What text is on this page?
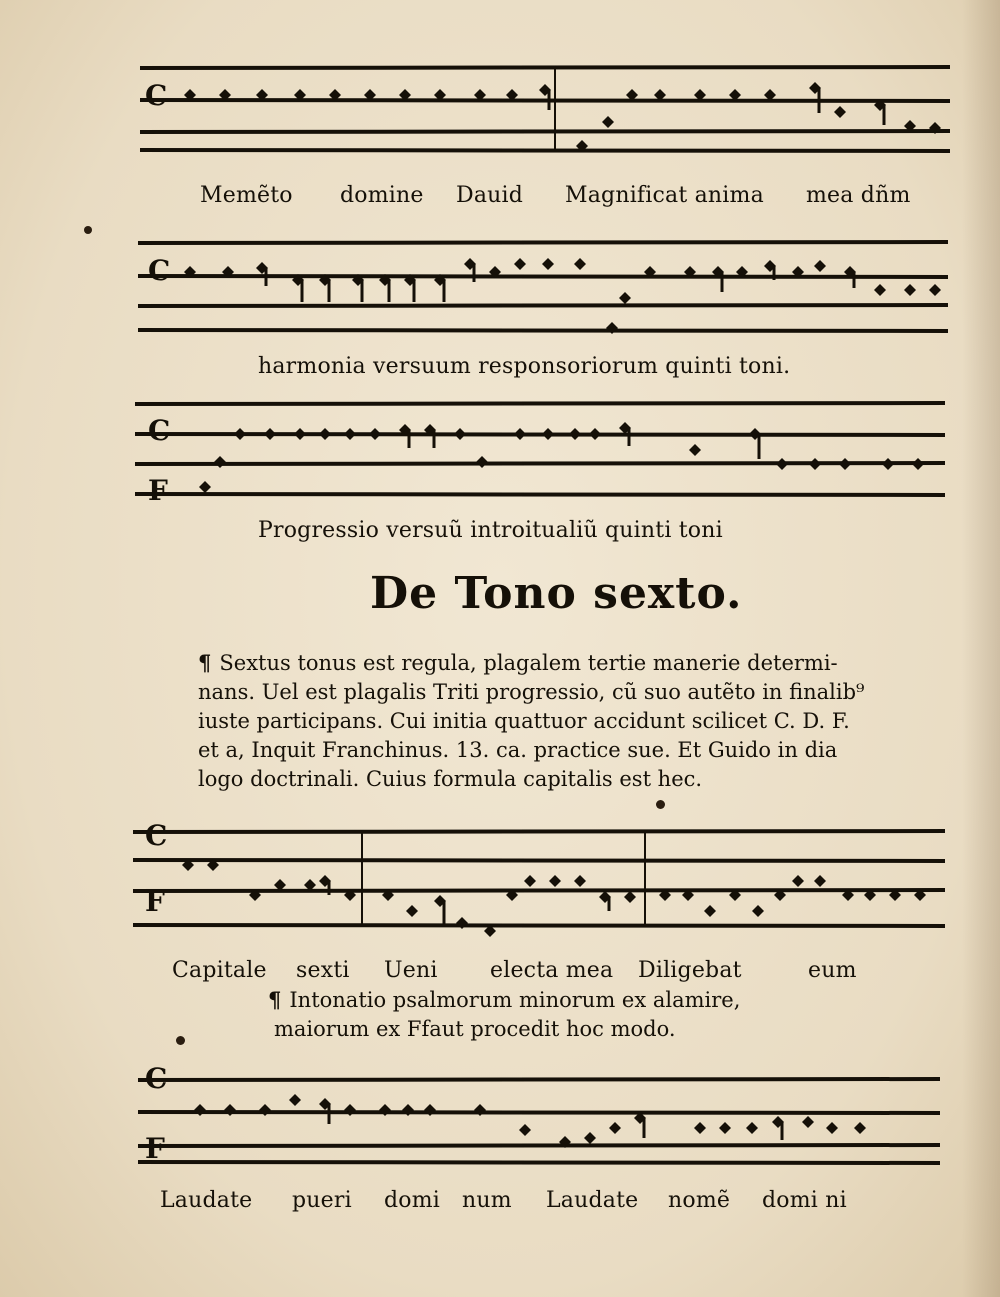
C
Memẽto domine Dauid Magnificat anima mea dñm
C
harmonia versuum responsoriorum quinti toni.
C
F
Progressio versuũ introitualiũ quinti toni
De Tono sexto.
¶ Sextus tonus est regula, plagalem tertie manerie determi-
nans. Uel est plagalis Triti progressio, cũ suo autẽto in finalib⁹
iuste participans. Cui initia quattuor accidunt scilicet C. D. F.
et a, Inquit Franchinus. 13. ca. practice sue. Et Guido in dia
logo doctrinali. Cuius formula capitalis est hec.
C
F
Capitale sexti Ueni electa mea Diligebat	eum
¶ Intonatio psalmorum minorum ex alamire,
maiorum ex Ffaut procedit hoc modo.
C
F
Laudate pueri domi num Laudate nomẽ domi ni
